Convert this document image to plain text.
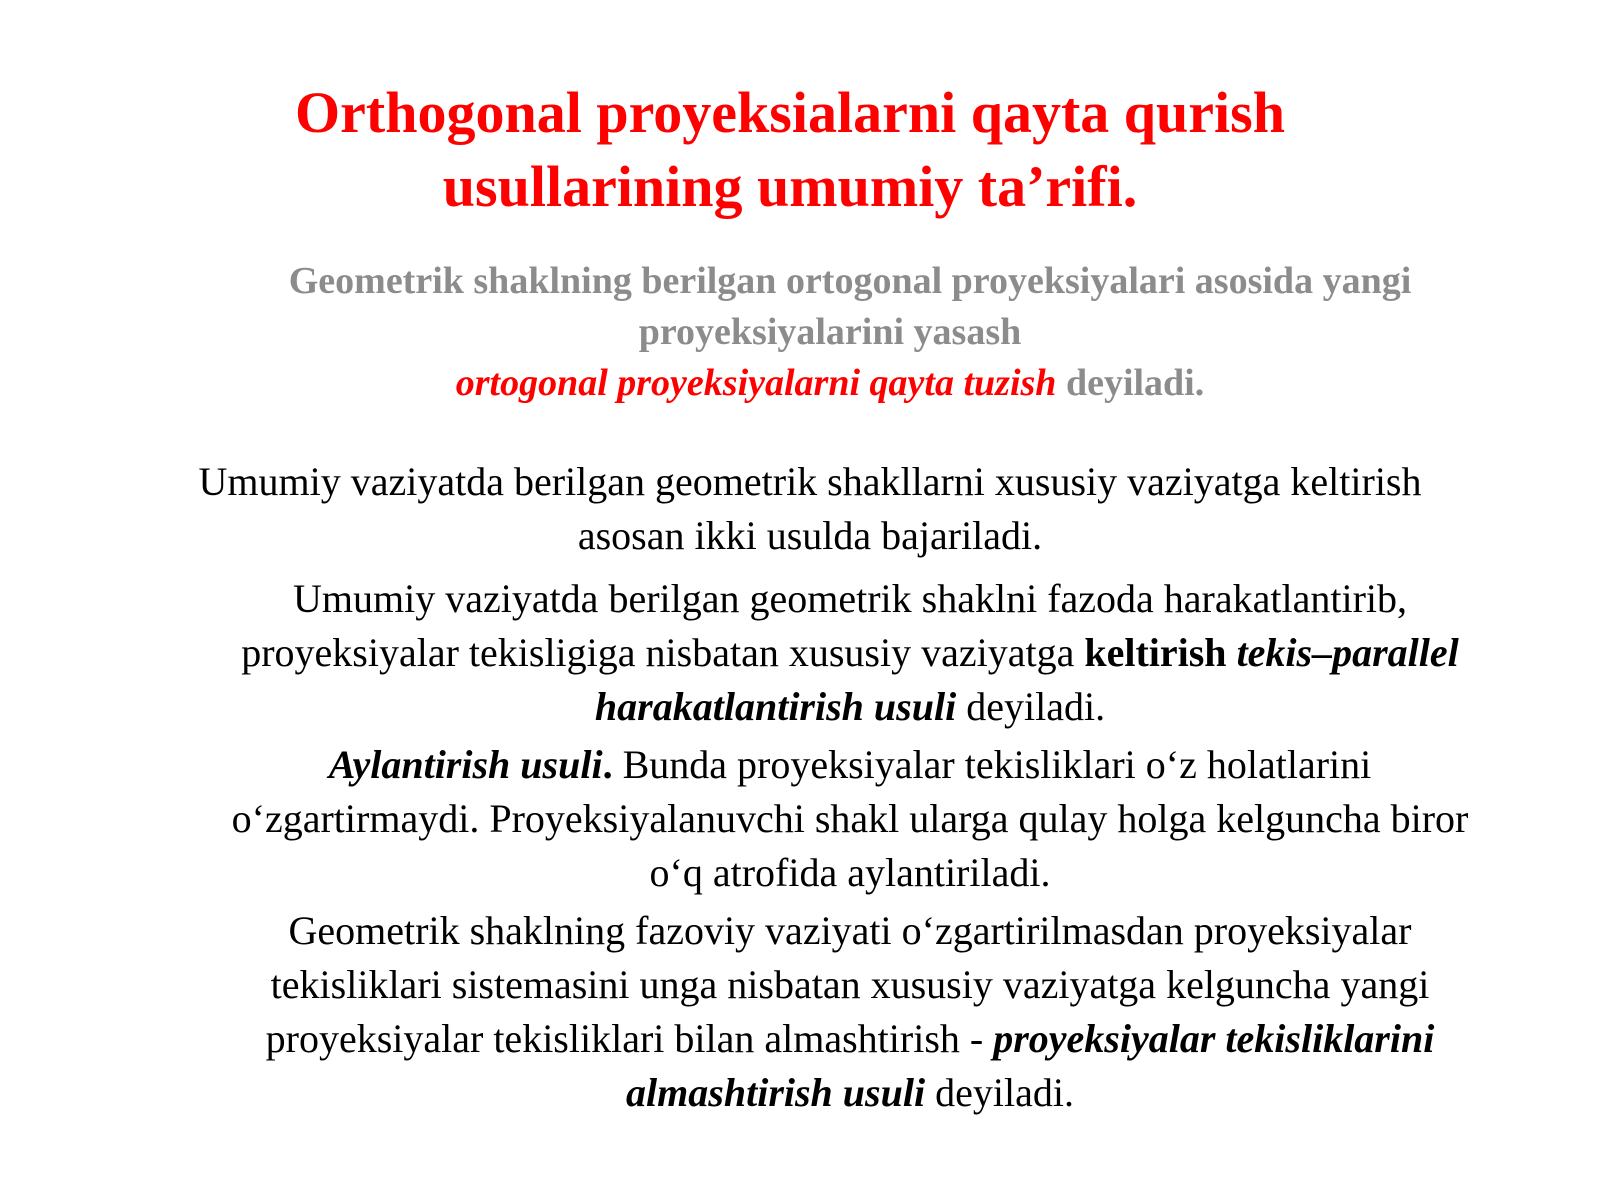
Orthogonal proyeksialarni qayta qurish
usullarining umumiy ta’rifi.

Geometrik shaklning berilgan ortogonal proyeksiyalari asosida yangi
proyeksiyalarini yasash
ortogonal proyeksiyalarni qayta tuzish deyiladi.

Umumiy vaziyatda berilgan geometrik shakllarni xususiy vaziyatga keltirish
asosan ikki usulda bajariladi.

Umumiy vaziyatda berilgan geometrik shaklni fazoda harakatlantirib,
proyeksiyalar tekisligiga nisbatan xususiy vaziyatga keltirish tekis–parallel
harakatlantirish usuli deyiladi.

Aylantirish usuli. Bunda proyeksiyalar tekisliklari o‘z holatlarini
o‘zgartirmaydi. Proyeksiyalanuvchi shakl ularga qulay holga kelguncha biror
o‘q atrofida aylantiriladi.

Geometrik shaklning fazoviy vaziyati o‘zgartirilmasdan proyeksiyalar
tekisliklari sistemasini unga nisbatan xususiy vaziyatga kelguncha yangi
proyeksiyalar tekisliklari bilan almashtirish - proyeksiyalar tekisliklarini
almashtirish usuli deyiladi.
